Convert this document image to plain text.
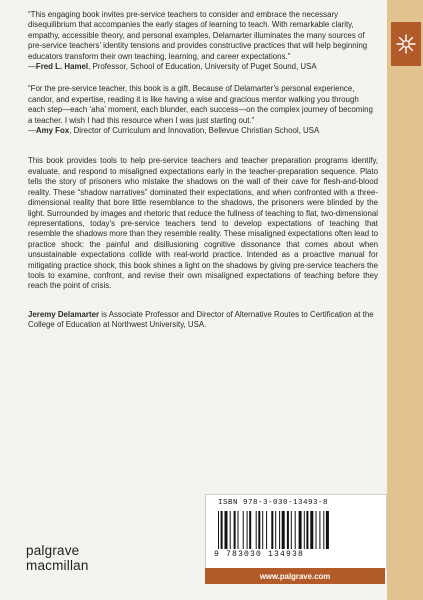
“This engaging book invites pre-service teachers to consider and embrace the necessary disequilibrium that accompanies the early stages of learning to teach. With remarkable clarity, empathy, accessible theory, and personal examples, Delamarter illuminates the many sources of pre-service teachers’ identity tensions and provides constructive practices that will help beginning educators transform their own teaching, learning, and career expectations.”

—Fred L. Hamel, Professor, School of Education, University of Puget Sound, USA

“For the pre-service teacher, this book is a gift. Because of Delamarter’s personal experience, candor, and expertise, reading it is like having a wise and gracious mentor walking you through each step—each ‘aha’ moment, each blunder, each success—on the complex journey of becoming a teacher. I wish I had this resource when I was just starting out.”

—Amy Fox, Director of Curriculum and Innovation, Bellevue Christian School, USA

This book provides tools to help pre-service teachers and teacher preparation programs identify, evaluate, and respond to misaligned expectations early in the teacher-preparation sequence. Plato tells the story of prisoners who mistake the shadows on the wall of their cave for flesh-and-blood reality. These “shadow narratives” dominated their expectations, and when confronted with a three-dimensional reality that bore little resemblance to the shadows, the prisoners were blinded by the light. Surrounded by images and rhetoric that reduce the fullness of teaching to flat, two-dimensional representations, today’s pre-service teachers tend to develop expectations of teaching that resemble the shadows more than they resemble reality. These misaligned expectations often lead to practice shock: the painful and disillusioning cognitive dissonance that comes about when unsustainable expectations collide with real-world practice. Intended as a proactive manual for mitigating practice shock, this book shines a light on the shadows by giving pre-service teachers the tools to examine, confront, and revise their own misaligned expectations of teaching before they reach the point of crisis.

Jeremy Delamarter is Associate Professor and Director of Alternative Routes to Certification at the College of Education at Northwest University, USA.

ISBN 978-3-030-13493-8
9 783030 134938
www.palgrave.com
palgrave
macmillan
